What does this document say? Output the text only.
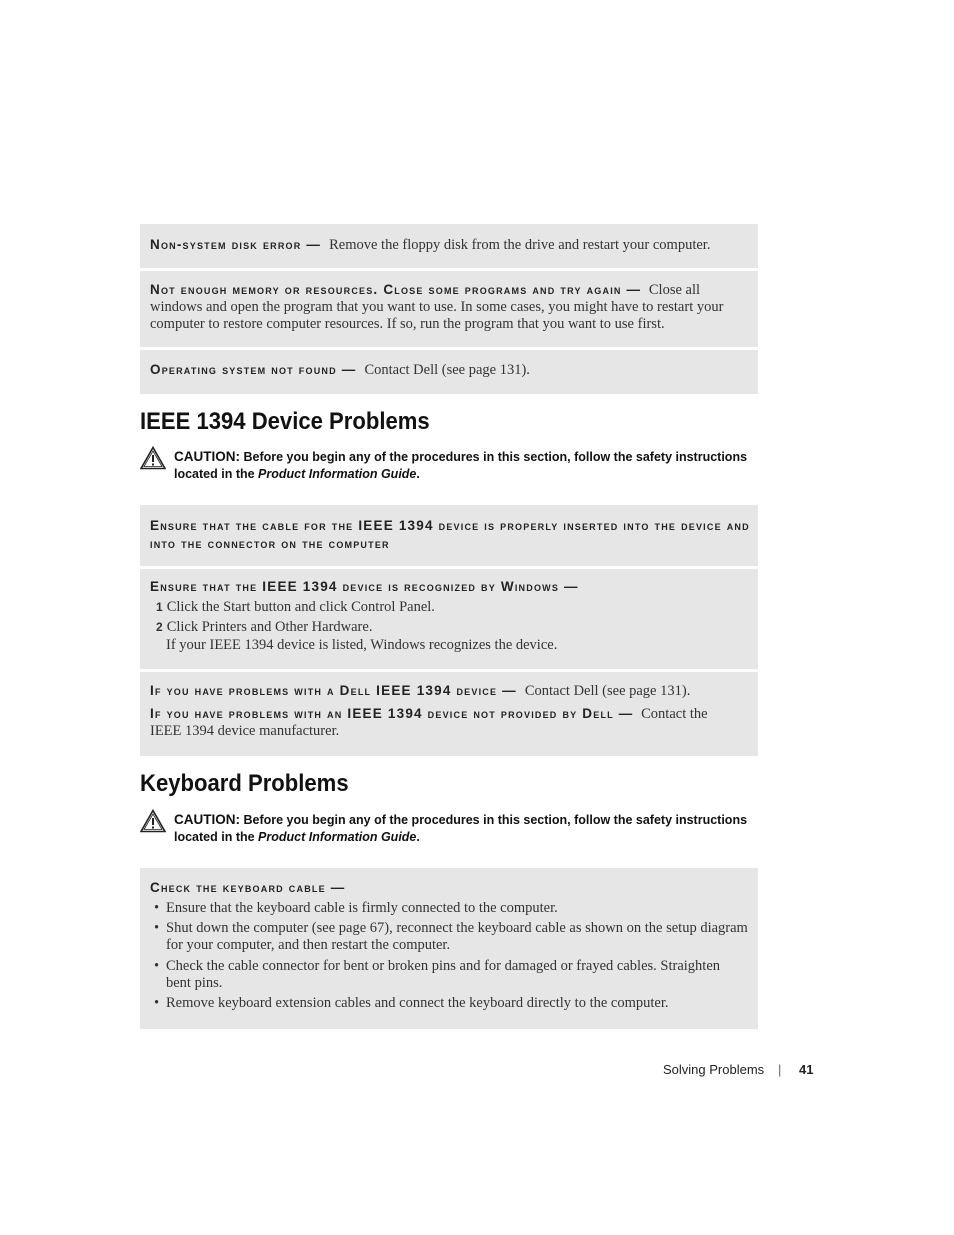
Non-system disk error — Remove the floppy disk from the drive and restart your computer.
Not enough memory or resources. Close some programs and try again — Close all
windows and open the program that you want to use. In some cases, you might have to restart your
computer to restore computer resources. If so, run the program that you want to use first.
Operating system not found — Contact Dell (see page 131).
IEEE 1394 Device Problems
CAUTION: Before you begin any of the procedures in this section, follow the safety instructions
located in the Product Information Guide.
Ensure that the cable for the IEEE 1394 device is properly inserted into the device and
into the connector on the computer
Ensure that the IEEE 1394 device is recognized by Windows —
1 Click the Start button and click Control Panel.
2 Click Printers and Other Hardware.
If your IEEE 1394 device is listed, Windows recognizes the device.
If you have problems with a Dell IEEE 1394 device — Contact Dell (see page 131).
If you have problems with an IEEE 1394 device not provided by Dell — Contact the
IEEE 1394 device manufacturer.
Keyboard Problems
CAUTION: Before you begin any of the procedures in this section, follow the safety instructions
located in the Product Information Guide.
Check the keyboard cable —
• Ensure that the keyboard cable is firmly connected to the computer.
• Shut down the computer (see page 67), reconnect the keyboard cable as shown on the setup diagram for your computer, and then restart the computer.
• Check the cable connector for bent or broken pins and for damaged or frayed cables. Straighten bent pins.
• Remove keyboard extension cables and connect the keyboard directly to the computer.
Solving Problems | 41
